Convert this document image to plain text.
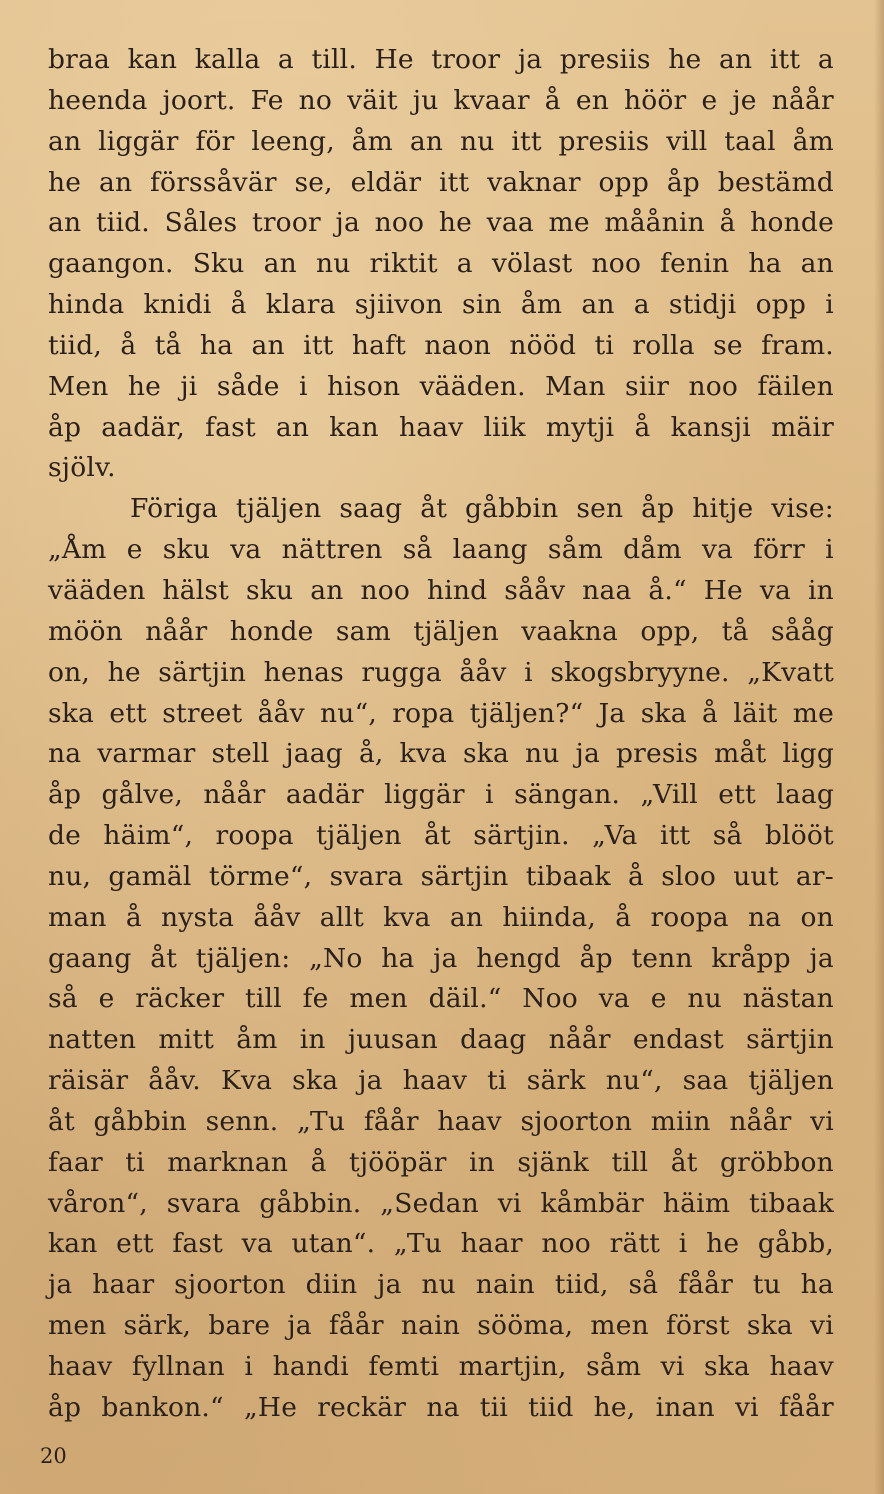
braa kan kalla a till. He troor ja presiis he an itt a
heenda joort. Fe no väit ju kvaar å en höör e je nåår
an liggär för leeng, åm an nu itt presiis vill taal åm
he an förssåvär se, eldär itt vaknar opp åp bestämd
an tiid. Såles troor ja noo he vaa me måånin å honde
gaangon. Sku an nu riktit a völast noo fenin ha an
hinda knidi å klara sjiivon sin åm an a stidji opp i
tiid, å tå ha an itt haft naon nööd ti rolla se fram.
Men he ji såde i hison vääden. Man siir noo fäilen
åp aadär, fast an kan haav liik mytji å kansji mäir
sjölv.
Föriga tjäljen saag åt gåbbin sen åp hitje vise:
„Åm e sku va nättren så laang såm dåm va förr i
vääden hälst sku an noo hind sååv naa å.“ He va in
möön nåår honde sam tjäljen vaakna opp, tå sååg
on, he särtjin henas rugga ååv i skogsbryyne. „Kvatt
ska ett street ååv nu“, ropa tjäljen?“ Ja ska å läit me
na varmar stell jaag å, kva ska nu ja presis måt ligg
åp gålve, nåår aadär liggär i sängan. „Vill ett laag
de häim“, roopa tjäljen åt särtjin. „Va itt så blööt
nu, gamäl törme“, svara särtjin tibaak å sloo uut ar-
man å nysta ååv allt kva an hiinda, å roopa na on
gaang åt tjäljen: „No ha ja hengd åp tenn kråpp ja
så e räcker till fe men däil.“ Noo va e nu nästan
natten mitt åm in juusan daag nåår endast särtjin
räisär ååv. Kva ska ja haav ti särk nu“, saa tjäljen
åt gåbbin senn. „Tu fåår haav sjoorton miin nåår vi
faar ti marknan å tjööpär in sjänk till åt gröbbon
våron“, svara gåbbin. „Sedan vi kåmbär häim tibaak
kan ett fast va utan“. „Tu haar noo rätt i he gåbb,
ja haar sjoorton diin ja nu nain tiid, så fåår tu ha
men särk, bare ja fåår nain sööma, men först ska vi
haav fyllnan i handi femti martjin, såm vi ska haav
åp bankon.“ „He reckär na tii tiid he, inan vi fåår
20
